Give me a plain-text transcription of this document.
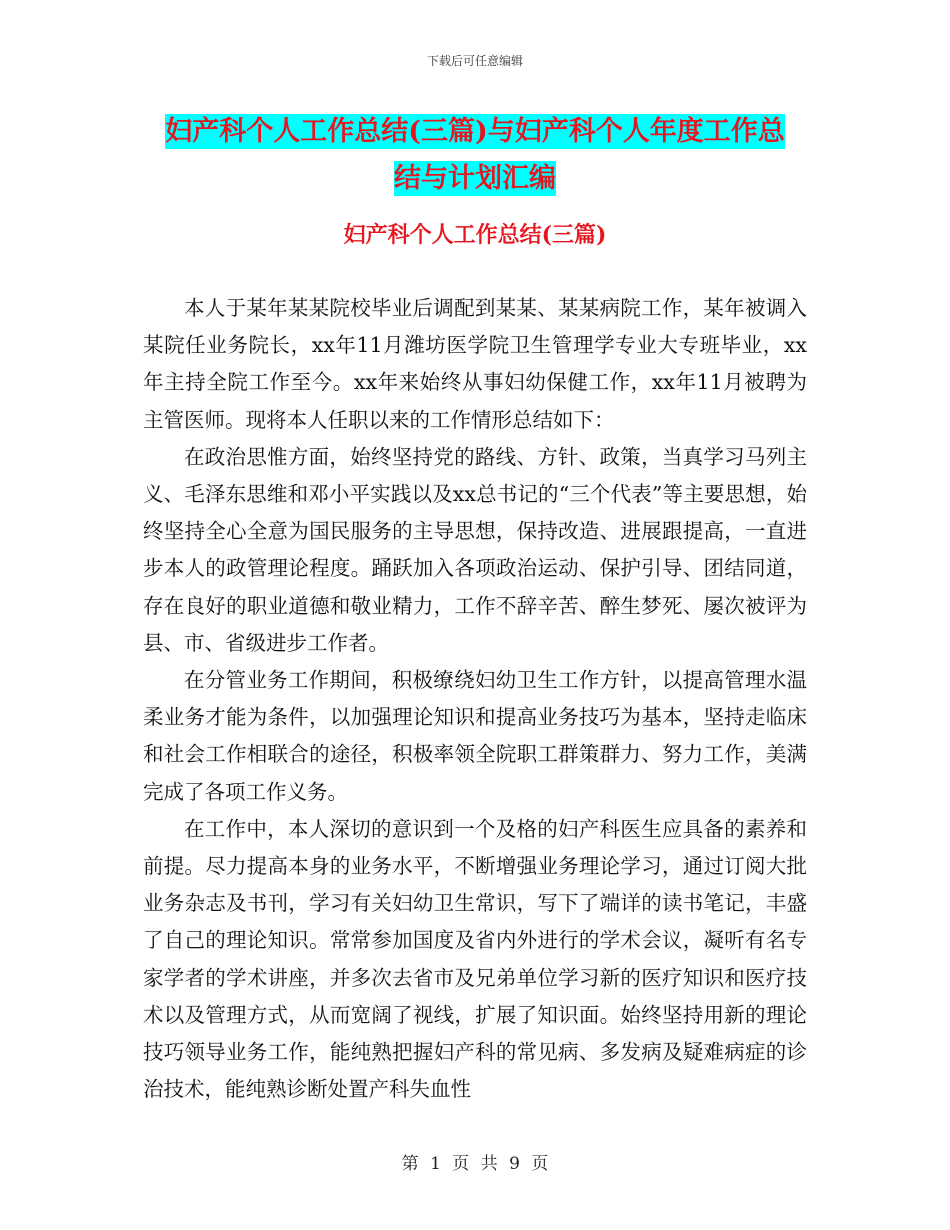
下载后可任意编辑
妇产科个人工作总结(三篇)与妇产科个人年度工作总
结与计划汇编
妇产科个人工作总结(三篇)

本人于某年某某院校毕业后调配到某某、某某病院工作，某年被调入某院任业务院长，xx年11月潍坊医学院卫生管理学专业大专班毕业，xx年主持全院工作至今。xx年来始终从事妇幼保健工作，xx年11月被聘为主管医师。现将本人任职以来的工作情形总结如下：

在政治思惟方面，始终坚持党的路线、方针、政策，当真学习马列主义、毛泽东思维和邓小平实践以及xx总书记的“三个代表”等主要思想，始终坚持全心全意为国民服务的主导思想，保持改造、进展跟提高，一直进步本人的政管理论程度。踊跃加入各项政治运动、保护引导、团结同道，存在良好的职业道德和敬业精力，工作不辞辛苦、醉生梦死、屡次被评为县、市、省级进步工作者。

在分管业务工作期间，积极缭绕妇幼卫生工作方针，以提高管理水温柔业务才能为条件，以加强理论知识和提高业务技巧为基本，坚持走临床和社会工作相联合的途径，积极率领全院职工群策群力、努力工作，美满完成了各项工作义务。

在工作中，本人深切的意识到一个及格的妇产科医生应具备的素养和前提。尽力提高本身的业务水平，不断增强业务理论学习，通过订阅大批业务杂志及书刊，学习有关妇幼卫生常识，写下了端详的读书笔记，丰盛了自己的理论知识。常常参加国度及省内外进行的学术会议，凝听有名专家学者的学术讲座，并多次去省市及兄弟单位学习新的医疗知识和医疗技术以及管理方式，从而宽阔了视线，扩展了知识面。始终坚持用新的理论技巧领导业务工作，能纯熟把握妇产科的常见病、多发病及疑难病症的诊治技术，能纯熟诊断处置产科失血性

第 1 页 共 9 页
